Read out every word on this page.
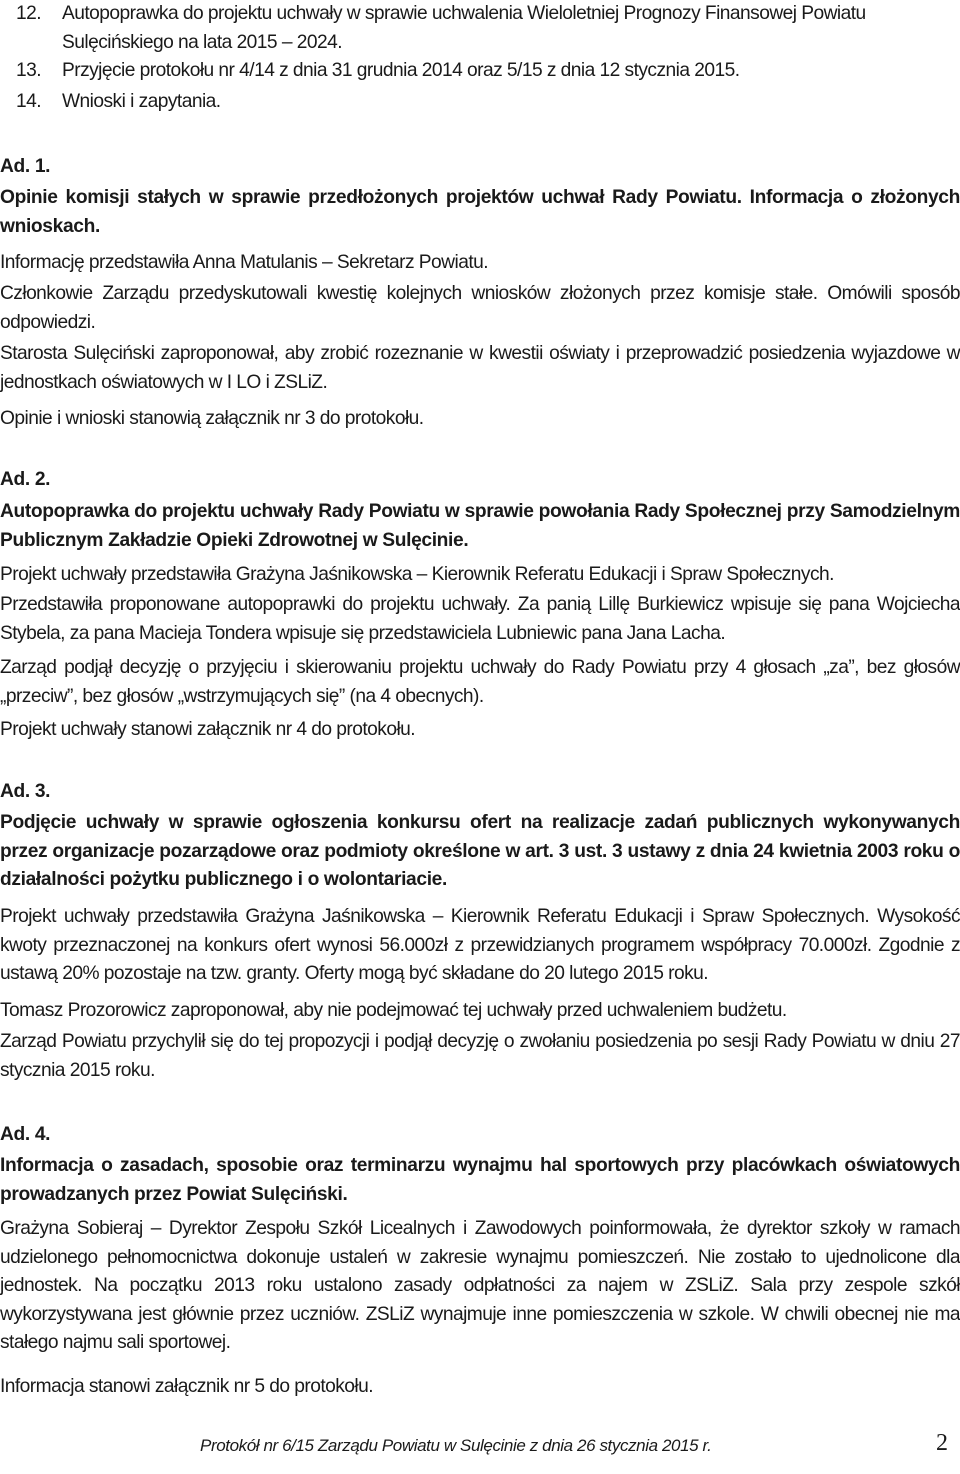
12. Autopoprawka do projektu uchwały w sprawie uchwalenia Wieloletniej Prognozy Finansowej Powiatu
Sulęcińskiego na lata 2015 – 2024.
13. Przyjęcie protokołu nr 4/14 z dnia 31 grudnia 2014 oraz 5/15 z dnia 12 stycznia 2015.
14. Wnioski i zapytania.
Ad. 1.
Opinie komisji stałych w sprawie przedłożonych projektów uchwał Rady Powiatu. Informacja o złożonych wnioskach.
Informację przedstawiła Anna Matulanis – Sekretarz Powiatu.
Członkowie Zarządu przedyskutowali kwestię kolejnych wniosków złożonych przez komisje stałe. Omówili sposób odpowiedzi.
Starosta Sulęciński zaproponował, aby zrobić rozeznanie w kwestii oświaty i przeprowadzić posiedzenia wyjazdowe w jednostkach oświatowych w I LO i ZSLiZ.
Opinie i wnioski stanowią załącznik nr 3 do protokołu.
Ad. 2.
Autopoprawka do projektu uchwały Rady Powiatu w sprawie powołania Rady Społecznej przy Samodzielnym Publicznym Zakładzie Opieki Zdrowotnej w Sulęcinie.
Projekt uchwały przedstawiła Grażyna Jaśnikowska – Kierownik Referatu Edukacji i Spraw Społecznych.
Przedstawiła proponowane autopoprawki do projektu uchwały. Za panią Lillę Burkiewicz wpisuje się pana Wojciecha Stybela, za pana Macieja Tondera wpisuje się przedstawiciela Lubniewic pana Jana Lacha.
Zarząd podjął decyzję o przyjęciu i skierowaniu projektu uchwały do Rady Powiatu przy 4 głosach „za”, bez głosów „przeciw”, bez głosów „wstrzymujących się” (na 4 obecnych).
Projekt uchwały stanowi załącznik nr 4 do protokołu.
Ad. 3.
Podjęcie uchwały w sprawie ogłoszenia konkursu ofert na realizacje zadań publicznych wykonywanych przez organizacje pozarządowe oraz podmioty określone w art. 3 ust. 3 ustawy z dnia 24 kwietnia 2003 roku o działalności pożytku publicznego i o wolontariacie.
Projekt uchwały przedstawiła Grażyna Jaśnikowska – Kierownik Referatu Edukacji i Spraw Społecznych. Wysokość kwoty przeznaczonej na konkurs ofert wynosi 56.000zł z przewidzianych programem współpracy 70.000zł. Zgodnie z ustawą 20% pozostaje na tzw. granty. Oferty mogą być składane do 20 lutego 2015 roku.
Tomasz Prozorowicz zaproponował, aby nie podejmować tej uchwały przed uchwaleniem budżetu.
Zarząd Powiatu przychylił się do tej propozycji i podjął decyzję o zwołaniu posiedzenia po sesji Rady Powiatu w dniu 27 stycznia 2015 roku.
Ad. 4.
Informacja o zasadach, sposobie oraz terminarzu wynajmu hal sportowych przy placówkach oświatowych prowadzanych przez Powiat Sulęciński.
Grażyna Sobieraj – Dyrektor Zespołu Szkół Licealnych i Zawodowych poinformowała, że dyrektor szkoły w ramach udzielonego pełnomocnictwa dokonuje ustaleń w zakresie wynajmu pomieszczeń. Nie zostało to ujednolicone dla jednostek. Na początku 2013 roku ustalono zasady odpłatności za najem w ZSLiZ. Sala przy zespole szkół wykorzystywana jest głównie przez uczniów. ZSLiZ wynajmuje inne pomieszczenia w szkole. W chwili obecnej nie ma stałego najmu sali sportowej.
Informacja stanowi załącznik nr 5 do protokołu.
Protokół nr 6/15 Zarządu Powiatu w Sulęcinie z dnia 26 stycznia 2015 r.	2
